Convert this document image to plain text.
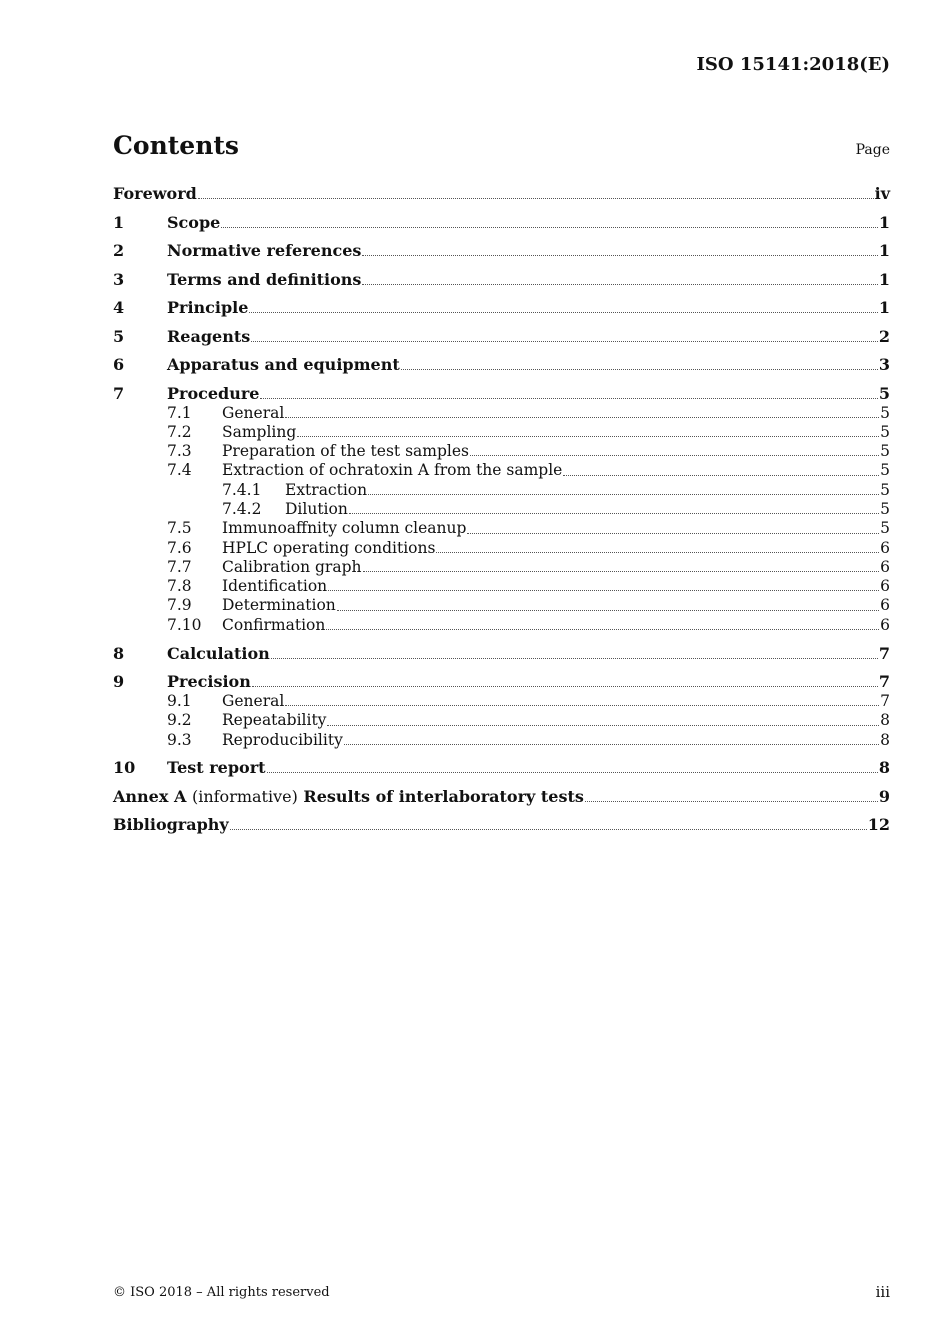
ISO 15141:2018(E)
Contents	Page
Foreword	iv
1	Scope	1
2	Normative references	1
3	Terms and definitions	1
4	Principle	1
5	Reagents	2
6	Apparatus and equipment	3
7	Procedure	5
7.1	General	5
7.2	Sampling	5
7.3	Preparation of the test samples	5
7.4	Extraction of ochratoxin A from the sample	5
7.4.1	Extraction	5
7.4.2	Dilution	5
7.5	Immunoaffnity column cleanup	5
7.6	HPLC operating conditions	6
7.7	Calibration graph	6
7.8	Identification	6
7.9	Determination	6
7.10	Confirmation	6
8	Calculation	7
9	Precision	7
9.1	General	7
9.2	Repeatability	8
9.3	Reproducibility	8
10	Test report	8
Annex A (informative) Results of interlaboratory tests	9
Bibliography	12
© ISO 2018 – All rights reserved	iii
